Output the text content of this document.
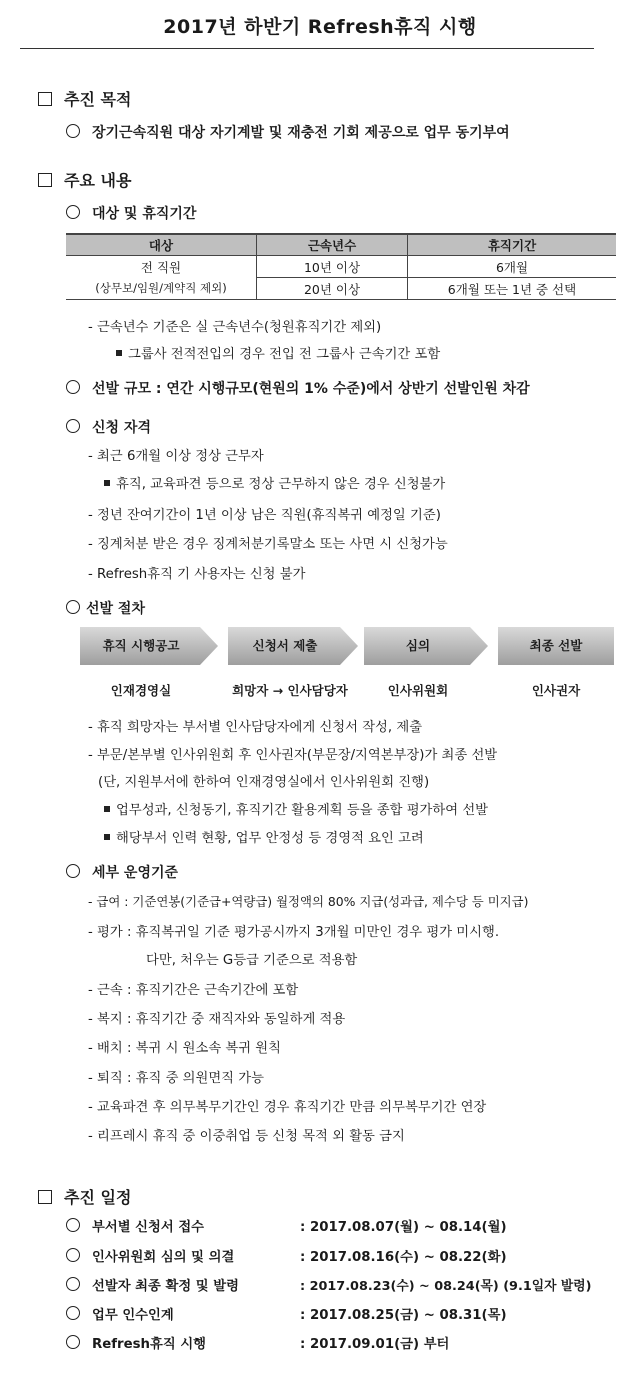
2017년 하반기 Refresh휴직 시행
추진 목적
장기근속직원 대상 자기계발 및 재충전 기회 제공으로 업무 동기부여
주요 내용
대상 및 휴직기간
대상	근속년수	휴직기간
전 직원	10년 이상	6개월
(상무보/임원/계약직 제외)	20년 이상	6개월 또는 1년 중 선택
- 근속년수 기준은 실 근속년수(청원휴직기간 제외)
그룹사 전적전입의 경우 전입 전 그룹사 근속기간 포함
선발 규모 : 연간 시행규모(현원의 1% 수준)에서 상반기 선발인원 차감
신청 자격
- 최근 6개월 이상 정상 근무자
휴직, 교육파견 등으로 정상 근무하지 않은 경우 신청불가
- 정년 잔여기간이 1년 이상 남은 직원(휴직복귀 예정일 기준)
- 징계처분 받은 경우 징계처분기록말소 또는 사면 시 신청가능
- Refresh휴직 기 사용자는 신청 불가
선발 절차
휴직 시행공고	신청서 제출	심의	최종 선발
인재경영실	희망자 → 인사담당자	인사위원회	인사권자
- 휴직 희망자는 부서별 인사담당자에게 신청서 작성, 제출
- 부문/본부별 인사위원회 후 인사권자(부문장/지역본부장)가 최종 선발
(단, 지원부서에 한하여 인재경영실에서 인사위원회 진행)
업무성과, 신청동기, 휴직기간 활용계획 등을 종합 평가하여 선발
해당부서 인력 현황, 업무 안정성 등 경영적 요인 고려
세부 운영기준
- 급여 : 기준연봉(기준급+역량급) 월정액의 80% 지급(성과급, 제수당 등 미지급)
- 평가 : 휴직복귀일 기준 평가공시까지 3개월 미만인 경우 평가 미시행.
다만, 처우는 G등급 기준으로 적용함
- 근속 : 휴직기간은 근속기간에 포함
- 복지 : 휴직기간 중 재직자와 동일하게 적용
- 배치 : 복귀 시 원소속 복귀 원칙
- 퇴직 : 휴직 중 의원면직 가능
- 교육파견 후 의무복무기간인 경우 휴직기간 만큼 의무복무기간 연장
- 리프레시 휴직 중 이중취업 등 신청 목적 외 활동 금지
추진 일정
부서별 신청서 접수	: 2017.08.07(월) ~ 08.14(월)
인사위원회 심의 및 의결	: 2017.08.16(수) ~ 08.22(화)
선발자 최종 확정 및 발령	: 2017.08.23(수) ~ 08.24(목) (9.1일자 발령)
업무 인수인계	: 2017.08.25(금) ~ 08.31(목)
Refresh휴직 시행	: 2017.09.01(금) 부터
